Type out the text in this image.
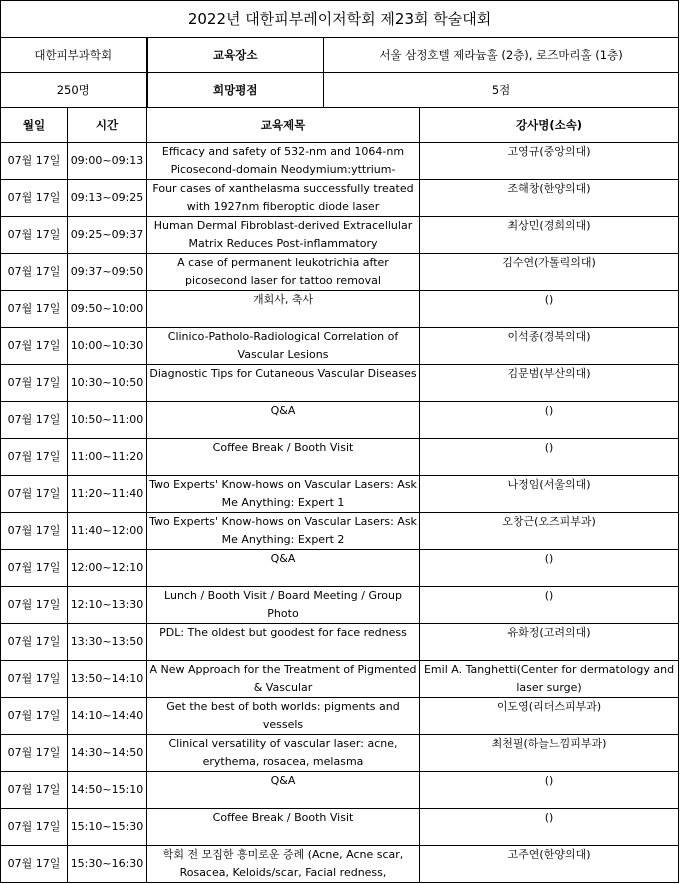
2022년 대한피부레이저학회 제23회 학술대회				
대한피부과학회		교육장소	서울 삼정호텔 제라늄홀 (2층), 로즈마리홀 (1층)	
250명		희망평점	5점	
월일	시간	교육제목		강사명(소속)

07월 17일	09:00~09:13	Efficacy and safety of 532-nm and 1064-nm Picosecond-domain Neodymium:yttrium-		고영규(중앙의대)

07월 17일	09:13~09:25	Four cases of xanthelasma successfully treated with 1927nm fiberoptic diode laser		조해창(한양의대)

07월 17일	09:25~09:37	Human Dermal Fibroblast-derived Extracellular Matrix Reduces Post-inflammatory		최상민(경희의대)

07월 17일	09:37~09:50	A case of permanent leukotrichia after picosecond laser for tattoo removal		김수연(가톨릭의대)

07월 17일	09:50~10:00	개회사, 축사		()

07월 17일	10:00~10:30	Clinico-Patholo-Radiological Correlation of Vascular Lesions		이석종(경북의대)

07월 17일	10:30~10:50	Diagnostic Tips for Cutaneous Vascular Diseases		김문범(부산의대)

07월 17일	10:50~11:00	Q&A		()

07월 17일	11:00~11:20	Coffee Break / Booth Visit		()

07월 17일	11:20~11:40	Two Experts' Know-hows on Vascular Lasers: Ask Me Anything: Expert 1		나정임(서울의대)

07월 17일	11:40~12:00	Two Experts' Know-hows on Vascular Lasers: Ask Me Anything: Expert 2		오창근(오즈피부과)

07월 17일	12:00~12:10	Q&A		()

07월 17일	12:10~13:30	Lunch / Booth Visit / Board Meeting / Group Photo		()

07월 17일	13:30~13:50	PDL: The oldest but goodest for face redness		유화정(고려의대)

07월 17일	13:50~14:10	A New Approach for the Treatment of Pigmented & Vascular		Emil A. Tanghetti(Center for dermatology and laser surge)

07월 17일	14:10~14:40	Get the best of both worlds: pigments and vessels		이도영(리더스피부과)

07월 17일	14:30~14:50	Clinical versatility of vascular laser: acne, erythema, rosacea, melasma		최천필(하늘느낌피부과)

07월 17일	14:50~15:10	Q&A		()

07월 17일	15:10~15:30	Coffee Break / Booth Visit		()

07월 17일	15:30~16:30	학회 전 모집한 흥미로운 증례 (Acne, Acne scar, Rosacea, Keloids/scar, Facial redness,		고주연(한양의대)
